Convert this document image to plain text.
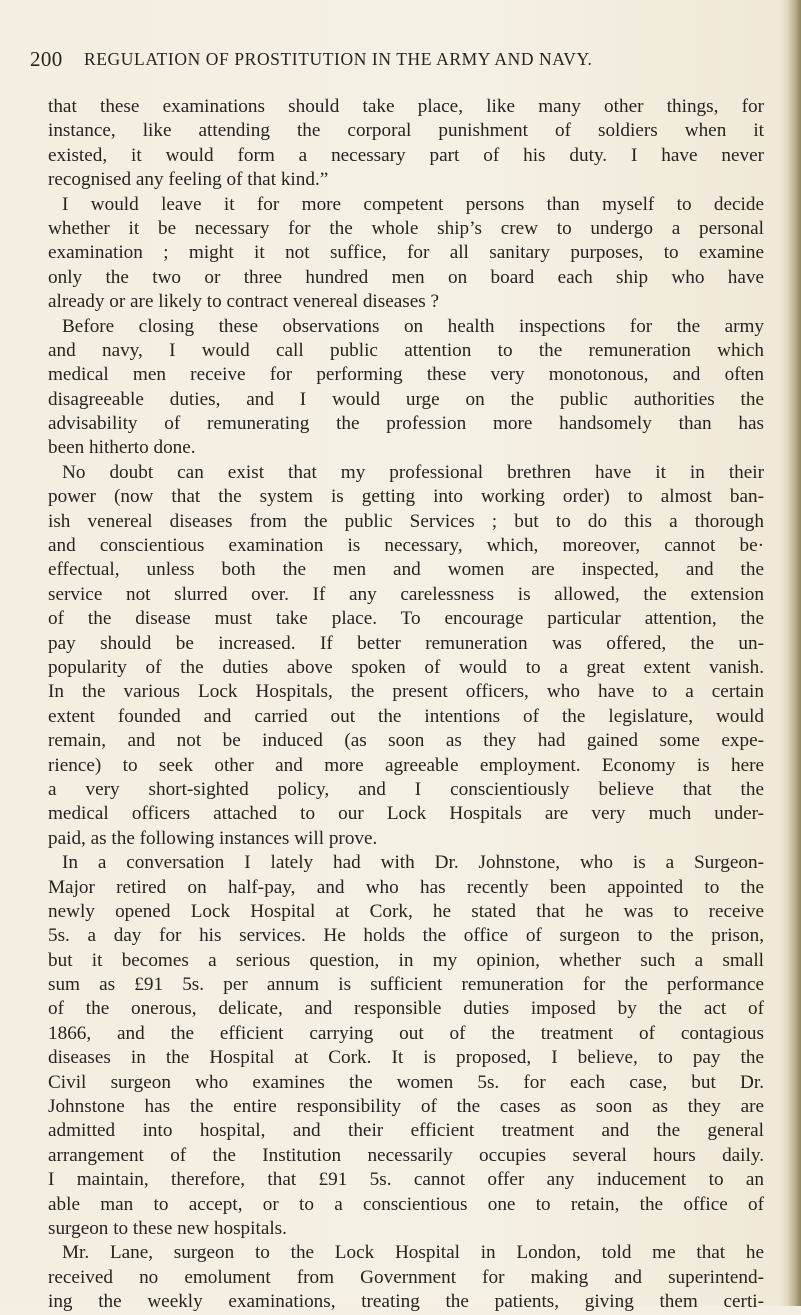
200 REGULATION OF PROSTITUTION IN THE ARMY AND NAVY.
that these examinations should take place, like many other things, for
instance, like attending the corporal punishment of soldiers when it
existed, it would form a necessary part of his duty. I have never
recognised any feeling of that kind.”
I would leave it for more competent persons than myself to decide
whether it be necessary for the whole ship’s crew to undergo a personal
examination ; might it not suffice, for all sanitary purposes, to examine
only the two or three hundred men on board each ship who have
already or are likely to contract venereal diseases ?
Before closing these observations on health inspections for the army
and navy, I would call public attention to the remuneration which
medical men receive for performing these very monotonous, and often
disagreeable duties, and I would urge on the public authorities the
advisability of remunerating the profession more handsomely than has
been hitherto done.
No doubt can exist that my professional brethren have it in their
power (now that the system is getting into working order) to almost ban-
ish venereal diseases from the public Services ; but to do this a thorough
and conscientious examination is necessary, which, moreover, cannot be·
effectual, unless both the men and women are inspected, and the
service not slurred over. If any carelessness is allowed, the extension
of the disease must take place. To encourage particular attention, the
pay should be increased. If better remuneration was offered, the un-
popularity of the duties above spoken of would to a great extent vanish.
In the various Lock Hospitals, the present officers, who have to a certain
extent founded and carried out the intentions of the legislature, would
remain, and not be induced (as soon as they had gained some expe-
rience) to seek other and more agreeable employment. Economy is here
a very short-sighted policy, and I conscientiously believe that the
medical officers attached to our Lock Hospitals are very much under-
paid, as the following instances will prove.
In a conversation I lately had with Dr. Johnstone, who is a Surgeon-
Major retired on half-pay, and who has recently been appointed to the
newly opened Lock Hospital at Cork, he stated that he was to receive
5s. a day for his services. He holds the office of surgeon to the prison,
but it becomes a serious question, in my opinion, whether such a small
sum as £91 5s. per annum is sufficient remuneration for the performance
of the onerous, delicate, and responsible duties imposed by the act of
1866, and the efficient carrying out of the treatment of contagious
diseases in the Hospital at Cork. It is proposed, I believe, to pay the
Civil surgeon who examines the women 5s. for each case, but Dr.
Johnstone has the entire responsibility of the cases as soon as they are
admitted into hospital, and their efficient treatment and the general
arrangement of the Institution necessarily occupies several hours daily.
I maintain, therefore, that £91 5s. cannot offer any inducement to an
able man to accept, or to a conscientious one to retain, the office of
surgeon to these new hospitals.
Mr. Lane, surgeon to the Lock Hospital in London, told me that he
received no emolument from Government for making and superintend-
ing the weekly examinations, treating the patients, giving them certi-
